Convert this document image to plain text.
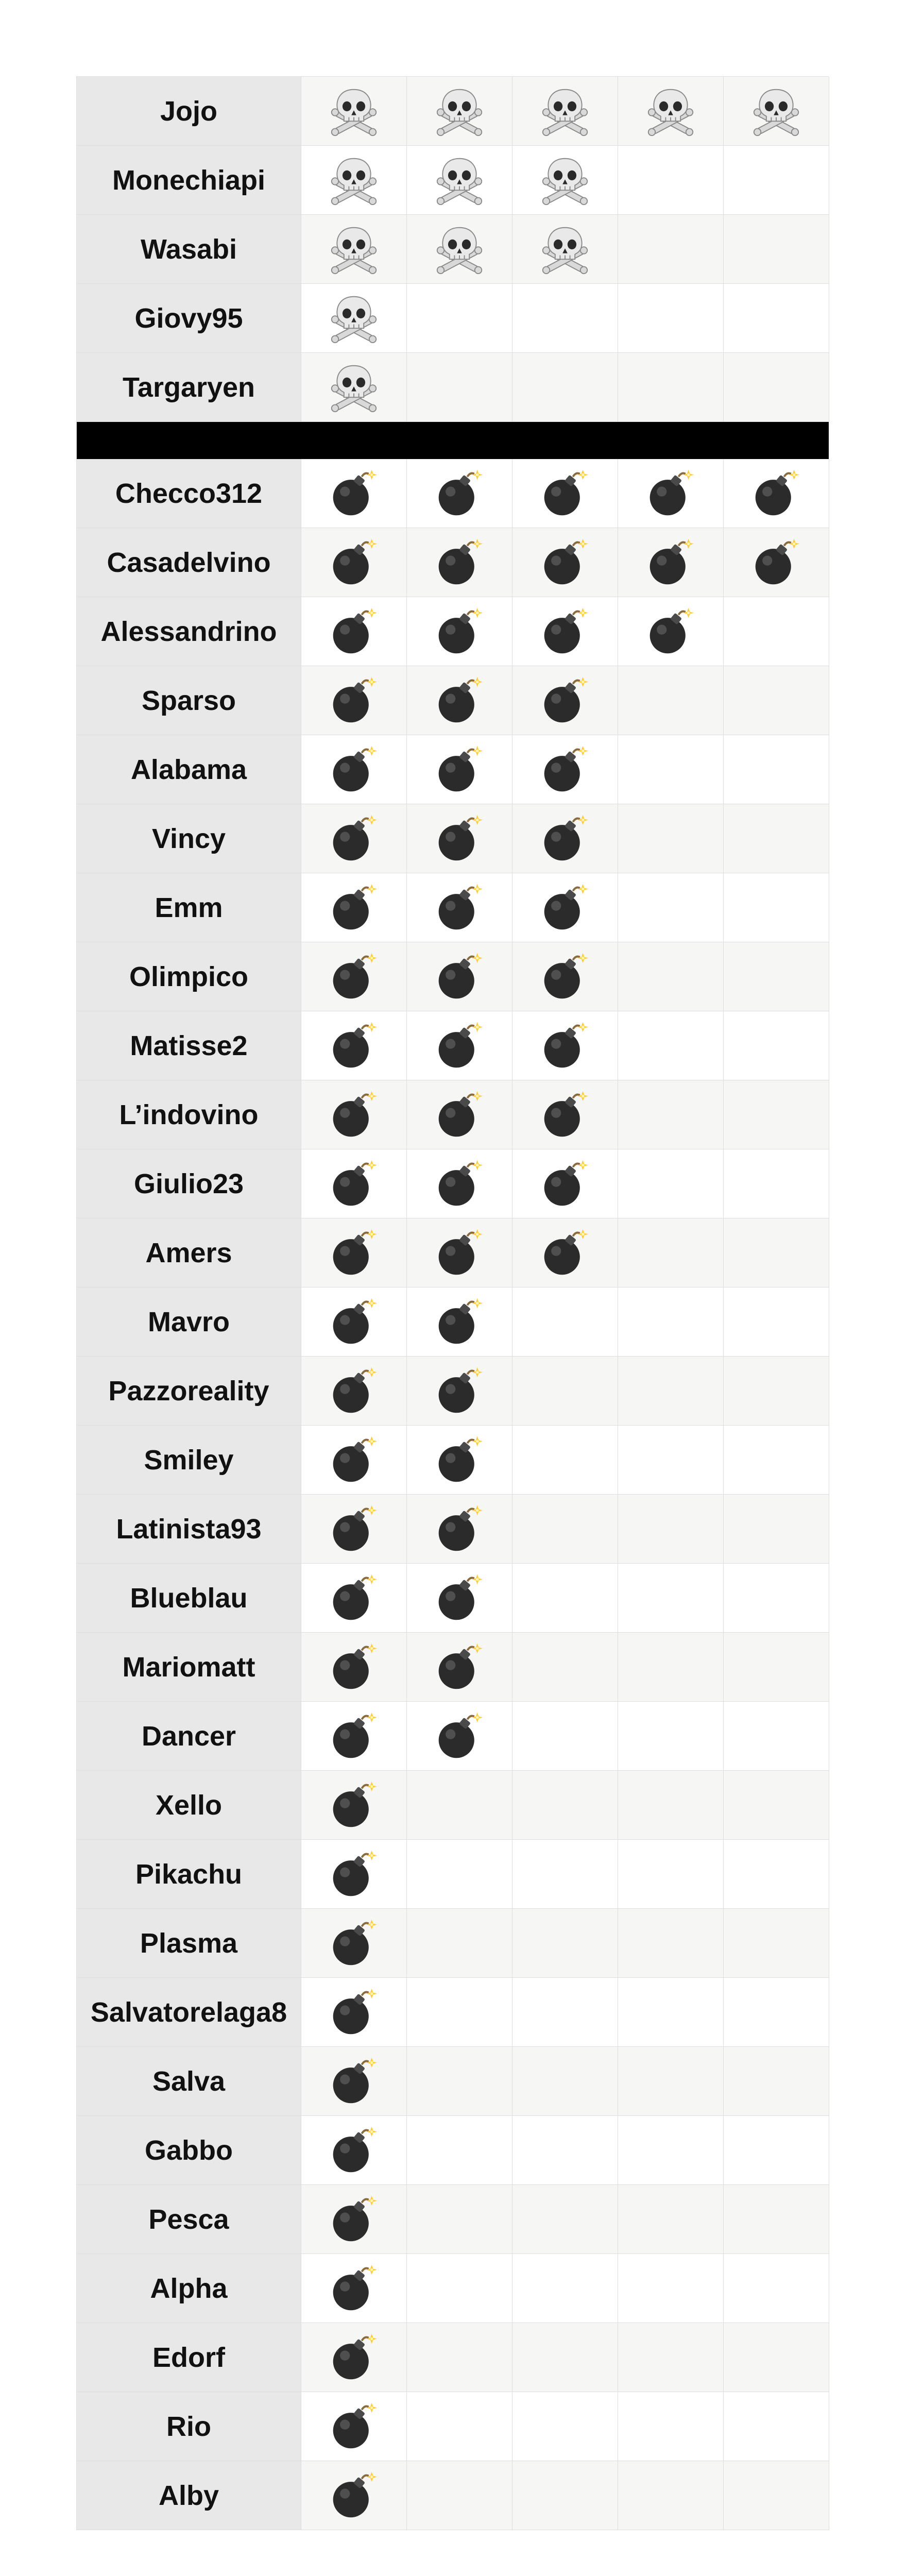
Jojo
Monechiapi
Wasabi
Giovy95
Targaryen
Checco312
Casadelvino
Alessandrino
Sparso
Alabama
Vincy
Emm
Olimpico
Matisse2
L’indovino
Giulio23
Amers
Mavro
Pazzoreality
Smiley
Latinista93
Blueblau
Mariomatt
Dancer
Xello
Pikachu
Plasma
Salvatorelaga8
Salva
Gabbo
Pesca
Alpha
Edorf
Rio
Alby
